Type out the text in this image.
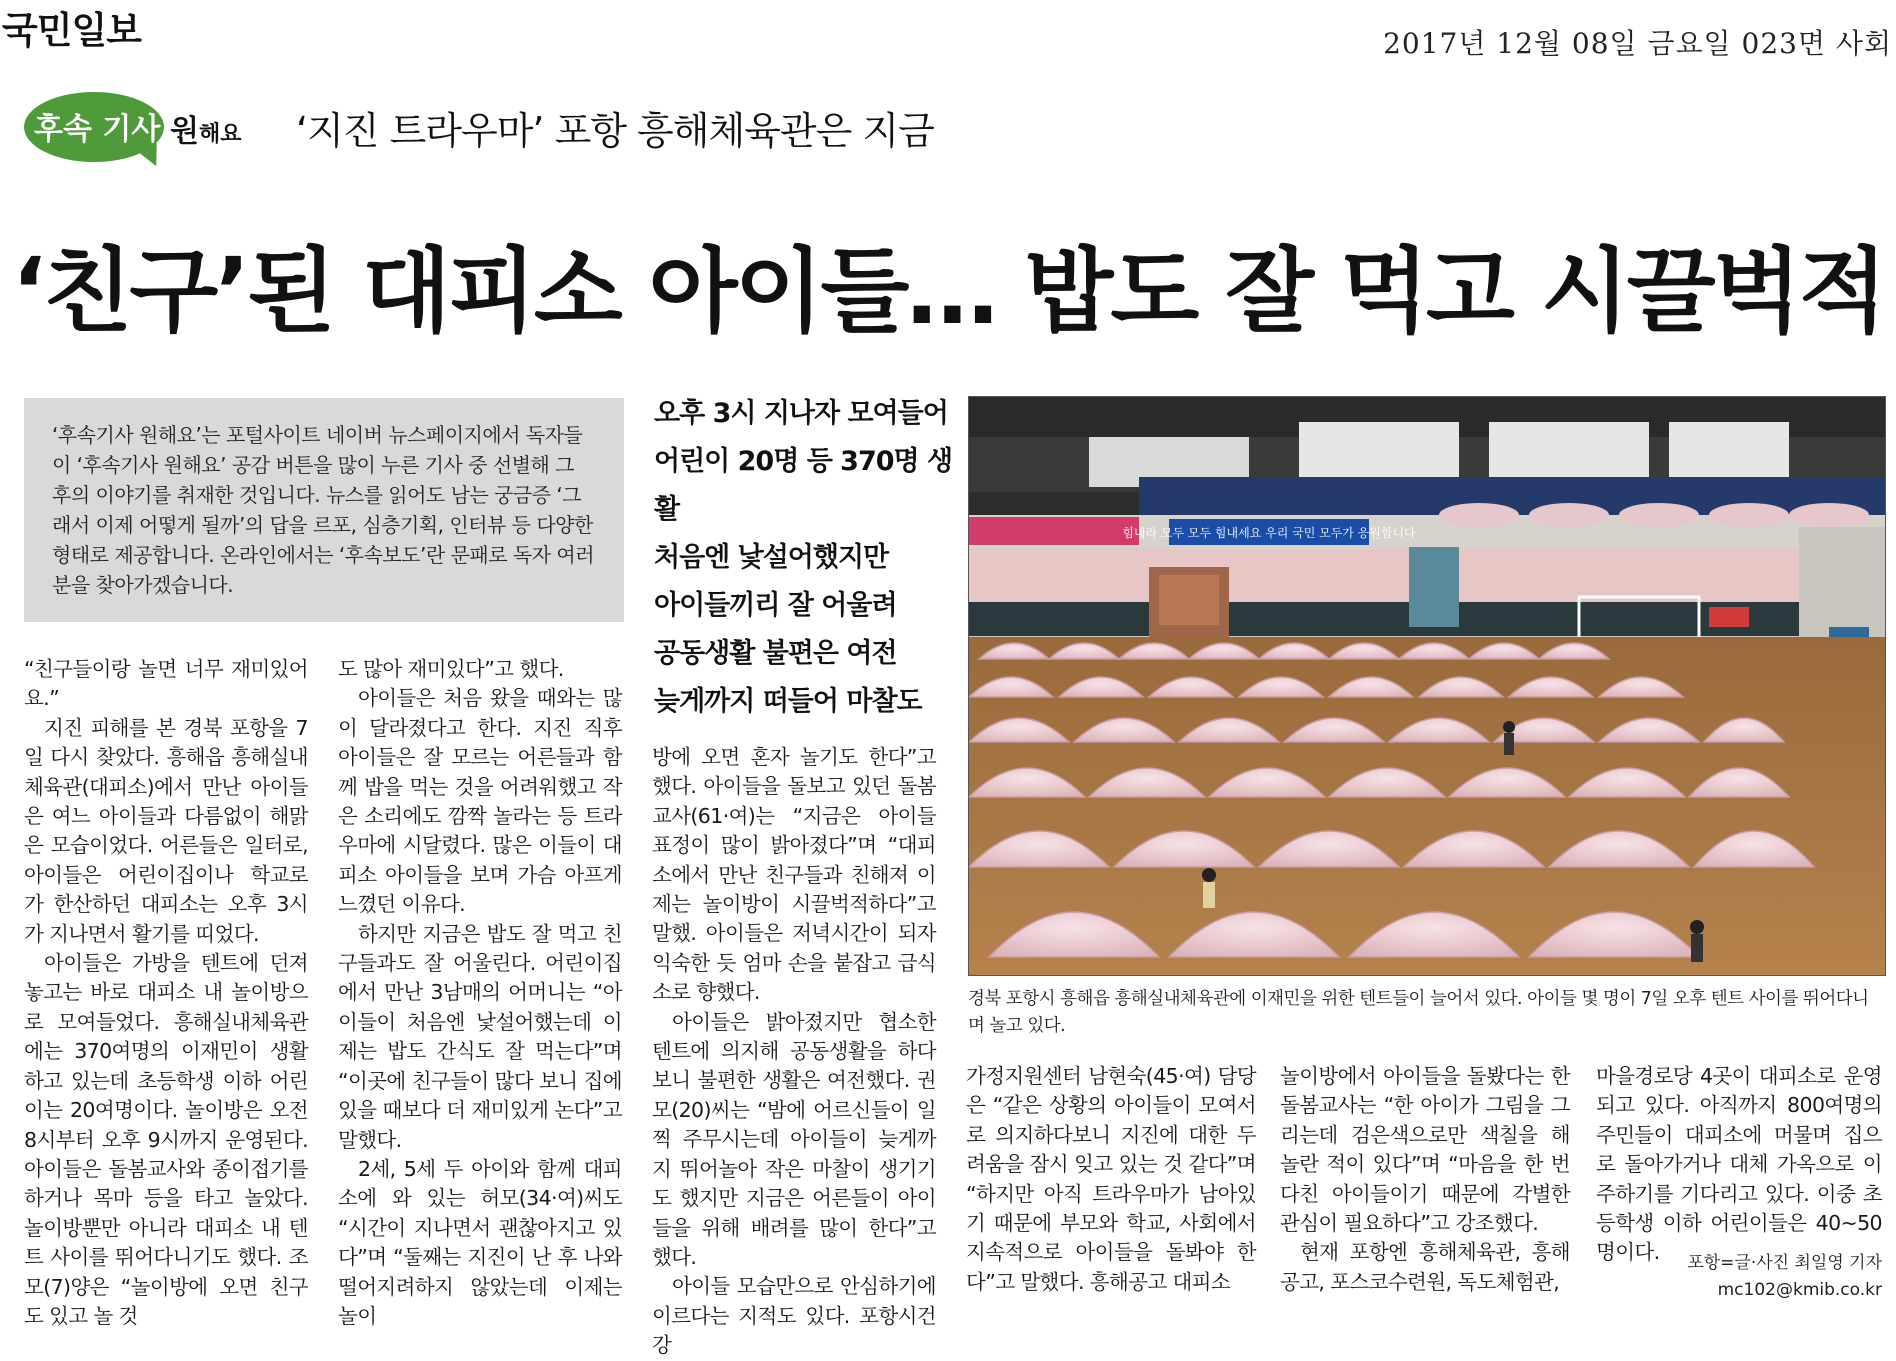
국민일보	2017년 12월 08일 금요일 023면 사회
후속 기사 원해요 ‘지진 트라우마’ 포항 흥해체육관은 지금
‘친구’된 대피소 아이들… 밥도 잘 먹고 시끌벅적
‘후속기사 원해요’는 포털사이트 네이버 뉴스페이지에서 독자들이 ‘후속기사 원해요’ 공감 버튼을 많이 누른 기사 중 선별해 그 후의 이야기를 취재한 것입니다. 뉴스를 읽어도 남는 궁금증 ‘그래서 이제 어떻게 될까’의 답을 르포, 심층기획, 인터뷰 등 다양한 형태로 제공합니다. 온라인에서는 ‘후속보도’란 문패로 독자 여러분을 찾아가겠습니다.
오후 3시 지나자 모여들어
어린이 20명 등 370명 생활
처음엔 낯설어했지만
아이들끼리 잘 어울려
공동생활 불편은 여전
늦게까지 떠들어 마찰도

“친구들이랑 놀면 너무 재미있어요.”

지진 피해를 본 경북 포항을 7일 다시 찾았다. 흥해읍 흥해실내체육관(대피소)에서 만난 아이들은 여느 아이들과 다름없이 해맑은 모습이었다. 어른들은 일터로, 아이들은 어린이집이나 학교로 가 한산하던 대피소는 오후 3시가 지나면서 활기를 띠었다.

아이들은 가방을 텐트에 던져놓고는 바로 대피소 내 놀이방으로 모여들었다. 흥해실내체육관에는 370여명의 이재민이 생활하고 있는데 초등학생 이하 어린이는 20여명이다. 놀이방은 오전 8시부터 오후 9시까지 운영된다. 아이들은 돌봄교사와 종이접기를 하거나 목마 등을 타고 놀았다. 놀이방뿐만 아니라 대피소 내 텐트 사이를 뛰어다니기도 했다. 조모(7)양은 “놀이방에 오면 친구도 있고 놀 것

도 많아 재미있다”고 했다.

아이들은 처음 왔을 때와는 많이 달라졌다고 한다. 지진 직후 아이들은 잘 모르는 어른들과 함께 밥을 먹는 것을 어려워했고 작은 소리에도 깜짝 놀라는 등 트라우마에 시달렸다. 많은 이들이 대피소 아이들을 보며 가슴 아프게 느꼈던 이유다.

하지만 지금은 밥도 잘 먹고 친구들과도 잘 어울린다. 어린이집에서 만난 3남매의 어머니는 “아이들이 처음엔 낯설어했는데 이제는 밥도 간식도 잘 먹는다”며 “이곳에 친구들이 많다 보니 집에 있을 때보다 더 재미있게 논다”고 말했다.

2세, 5세 두 아이와 함께 대피소에 와 있는 허모(34·여)씨도 “시간이 지나면서 괜찮아지고 있다”며 “둘째는 지진이 난 후 나와 떨어지려하지 않았는데 이제는 놀이

방에 오면 혼자 놀기도 한다”고 했다. 아이들을 돌보고 있던 돌봄교사(61·여)는 “지금은 아이들 표정이 많이 밝아졌다”며 “대피소에서 만난 친구들과 친해져 이제는 놀이방이 시끌벅적하다”고 말했. 아이들은 저녁시간이 되자 익숙한 듯 엄마 손을 붙잡고 급식소로 향했다.

아이들은 밝아졌지만 협소한 텐트에 의지해 공동생활을 하다 보니 불편한 생활은 여전했다. 권모(20)씨는 “밤에 어르신들이 일찍 주무시는데 아이들이 늦게까지 뛰어놀아 작은 마찰이 생기기도 했지만 지금은 어른들이 아이들을 위해 배려를 많이 한다”고 했다.

아이들 모습만으로 안심하기에 이르다는 지적도 있다. 포항시건강

가정지원센터 남현숙(45·여) 담당은 “같은 상황의 아이들이 모여서로 의지하다보니 지진에 대한 두려움을 잠시 잊고 있는 것 같다”며 “하지만 아직 트라우마가 남아있기 때문에 부모와 학교, 사회에서 지속적으로 아이들을 돌봐야 한다”고 말했다. 흥해공고 대피소

놀이방에서 아이들을 돌봤다는 한 돌봄교사는 “한 아이가 그림을 그리는데 검은색으로만 색칠을 해 놀란 적이 있다”며 “마음을 한 번 다친 아이들이기 때문에 각별한 관심이 필요하다”고 강조했다.

현재 포항엔 흥해체육관, 흥해공고, 포스코수련원, 독도체험관,

마을경로당 4곳이 대피소로 운영되고 있다. 아직까지 800여명의 주민들이 대피소에 머물며 집으로 돌아가거나 대체 가옥으로 이주하기를 기다리고 있다. 이중 초등학생 이하 어린이들은 40~50명이다.	포항=글·사진 최일영 기자
mc102@kmib.co.kr
힘내라 모두 모두 힘내세요 우리 국민 모두가 응원합니다
경북 포항시 흥해읍 흥해실내체육관에 이재민을 위한 텐트들이 늘어서 있다. 아이들 몇 명이 7일 오후 텐트 사이를 뛰어다니며 놀고 있다.
